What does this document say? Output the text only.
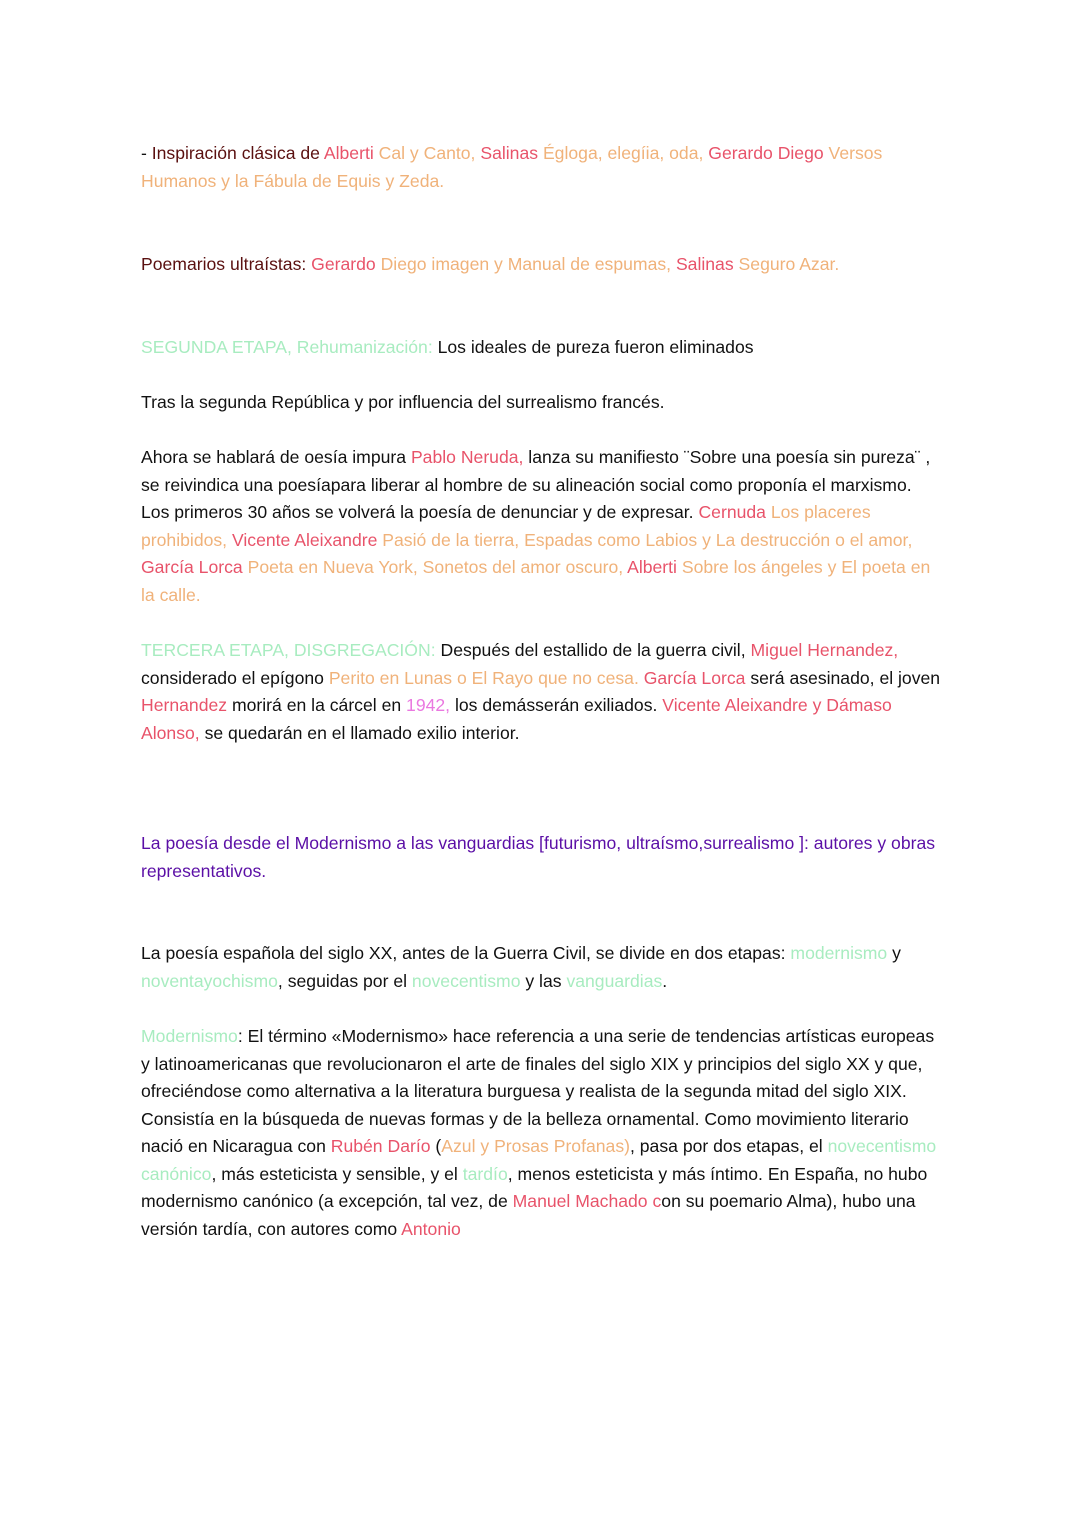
- Inspiración clásica de Alberti Cal y Canto, Salinas Égloga, elegíia, oda, Gerardo Diego Versos Humanos y la Fábula de Equis y Zeda.

Poemarios ultraístas: Gerardo Diego imagen y Manual de espumas, Salinas Seguro Azar.

SEGUNDA ETAPA, Rehumanización: Los ideales de pureza fueron eliminados

Tras la segunda República y por influencia del surrealismo francés.

Ahora se hablará de oesía impura Pablo Neruda, lanza su manifiesto ¨Sobre una poesía sin pureza¨ , se reivindica una poesíapara liberar al hombre de su alineación social como proponía el marxismo. Los primeros 30 años se volverá la poesía de denunciar y de expresar. Cernuda Los placeres prohibidos, Vicente Aleixandre Pasió de la tierra, Espadas como Labios y La destrucción o el amor, García Lorca Poeta en Nueva York, Sonetos del amor oscuro, Alberti Sobre los ángeles y El poeta en la calle.

TERCERA ETAPA, DISGREGACIÓN: Después del estallido de la guerra civil, Miguel Hernandez, considerado el epígono Perito en Lunas o El Rayo que no cesa. García Lorca será asesinado, el joven Hernandez morirá en la cárcel en 1942, los demásserán exiliados. Vicente Aleixandre y Dámaso Alonso, se quedarán en el llamado exilio interior.

La poesía desde el Modernismo a las vanguardias [futurismo, ultraísmo,surrealismo ]: autores y obras representativos.

La poesía española del siglo XX, antes de la Guerra Civil, se divide en dos etapas: modernismo y noventayochismo, seguidas por el novecentismo y las vanguardias.

Modernismo: El término «Modernismo» hace referencia a una serie de tendencias artísticas europeas y latinoamericanas que revolucionaron el arte de finales del siglo XIX y principios del siglo XX y que, ofreciéndose como alternativa a la literatura burguesa y realista de la segunda mitad del siglo XIX. Consistía en la búsqueda de nuevas formas y de la belleza ornamental. Como movimiento literario nació en Nicaragua con Rubén Darío (Azul y Prosas Profanas), pasa por dos etapas, el novecentismo canónico, más esteticista y sensible, y el tardío, menos esteticista y más íntimo. En España, no hubo modernismo canónico (a excepción, tal vez, de Manuel Machado con su poemario Alma), hubo una versión tardía, con autores como Antonio
